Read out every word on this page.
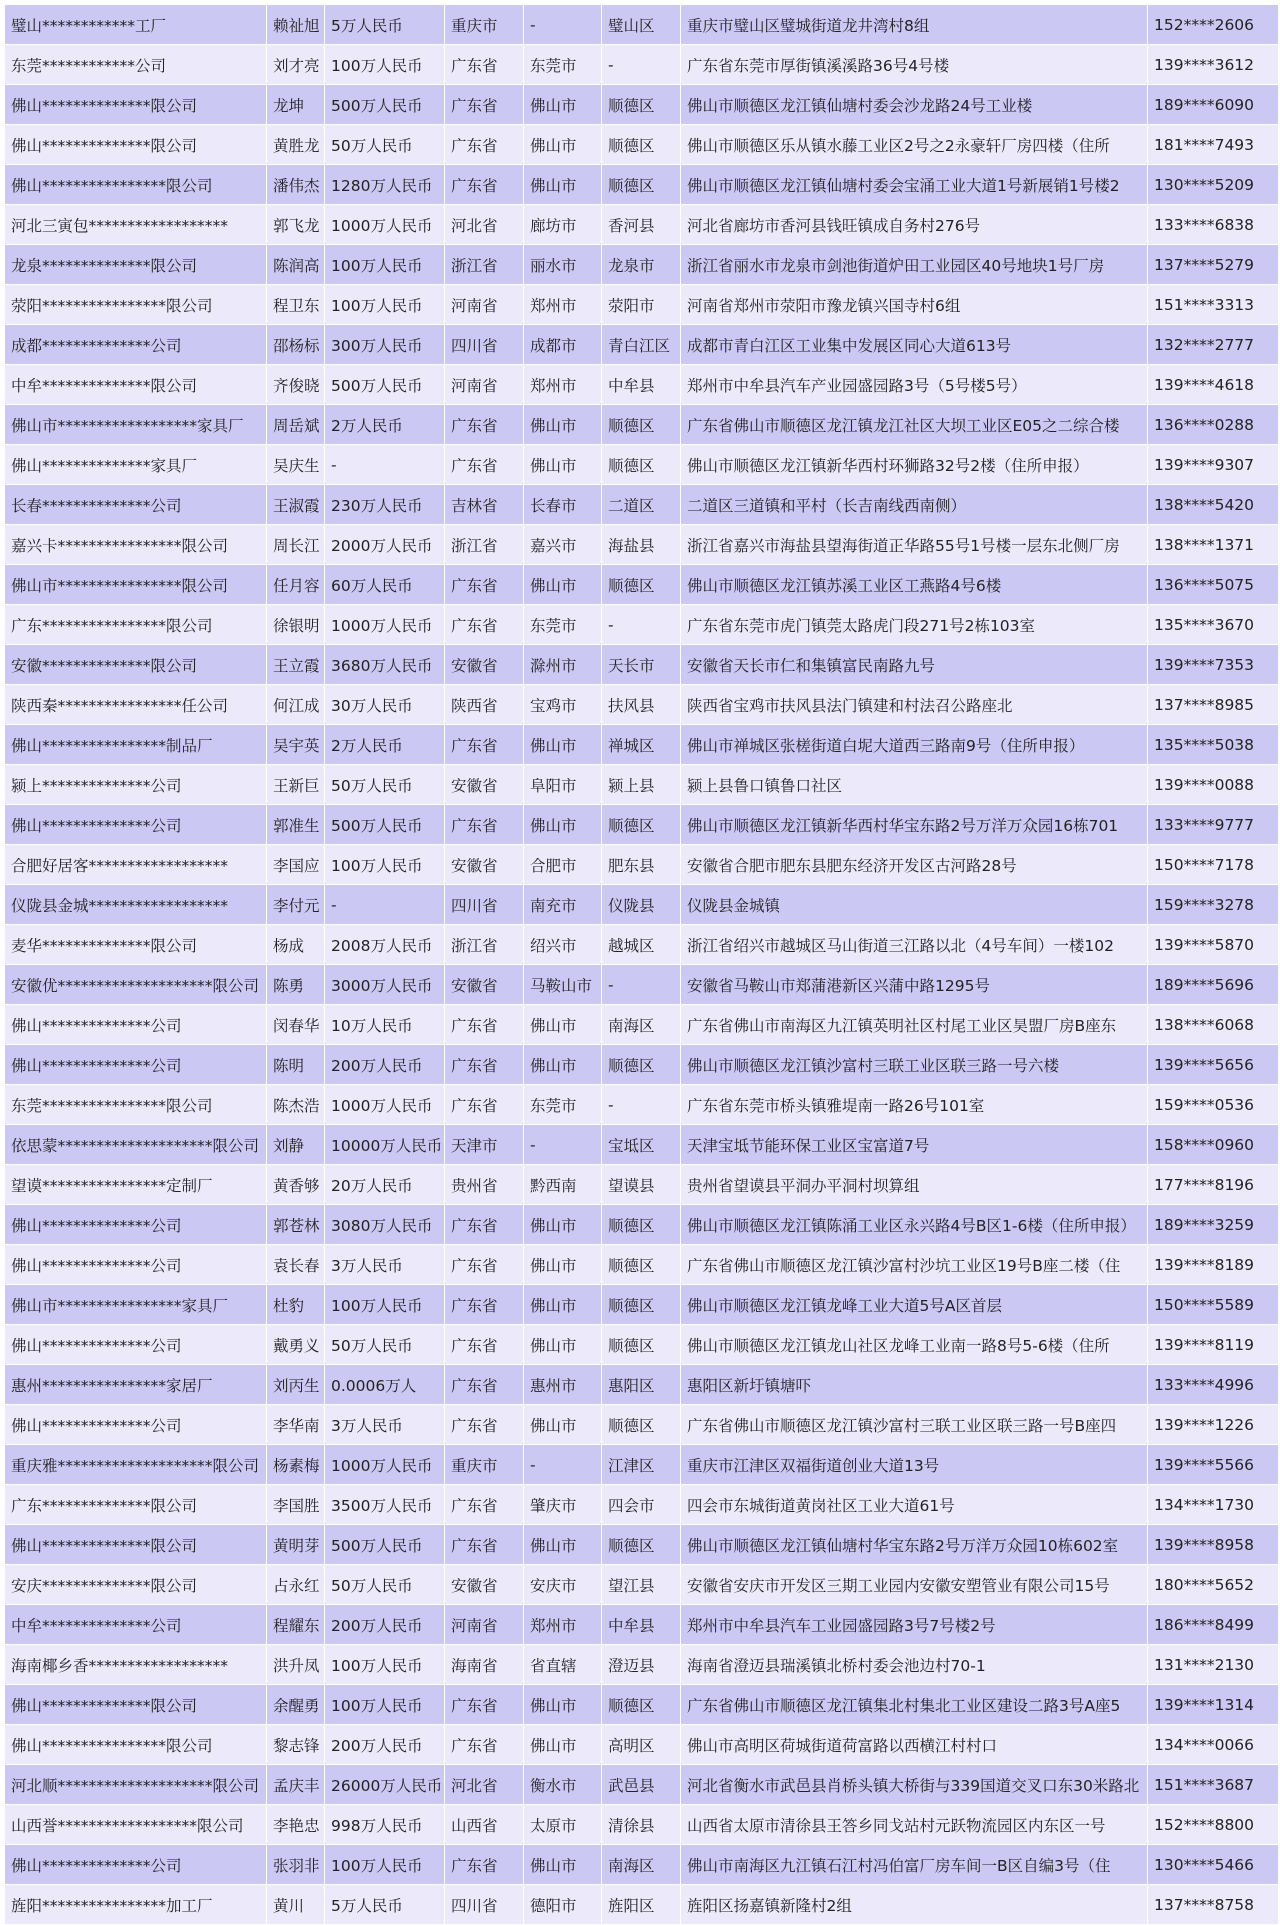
璧山************工厂	赖祉旭	5万人民币	重庆市	-	璧山区	重庆市璧山区璧城街道龙井湾村8组	152****2606
东莞************公司	刘才亮	100万人民币	广东省	东莞市	-	广东省东莞市厚街镇溪溪路36号4号楼	139****3612
佛山**************限公司	龙坤	500万人民币	广东省	佛山市	顺德区	佛山市顺德区龙江镇仙塘村委会沙龙路24号工业楼	189****6090
佛山**************限公司	黄胜龙	50万人民币	广东省	佛山市	顺德区	佛山市顺德区乐从镇水藤工业区2号之2永豪轩厂房四楼（住所	181****7493
佛山****************限公司	潘伟杰	1280万人民币	广东省	佛山市	顺德区	佛山市顺德区龙江镇仙塘村委会宝涌工业大道1号新展销1号楼2	130****5209
河北三寅包******************	郭飞龙	1000万人民币	河北省	廊坊市	香河县	河北省廊坊市香河县钱旺镇成自务村276号	133****6838
龙泉**************限公司	陈润高	100万人民币	浙江省	丽水市	龙泉市	浙江省丽水市龙泉市剑池街道炉田工业园区40号地块1号厂房	137****5279
荥阳****************限公司	程卫东	100万人民币	河南省	郑州市	荥阳市	河南省郑州市荥阳市豫龙镇兴国寺村6组	151****3313
成都**************公司	邵杨标	300万人民币	四川省	成都市	青白江区	成都市青白江区工业集中发展区同心大道613号	132****2777
中牟**************限公司	齐俊晓	500万人民币	河南省	郑州市	中牟县	郑州市中牟县汽车产业园盛园路3号（5号楼5号）	139****4618
佛山市******************家具厂	周岳斌	2万人民币	广东省	佛山市	顺德区	广东省佛山市顺德区龙江镇龙江社区大坝工业区E05之二综合楼	136****0288
佛山**************家具厂	吴庆生	-	广东省	佛山市	顺德区	佛山市顺德区龙江镇新华西村环狮路32号2楼（住所申报）	139****9307
长春**************公司	王淑霞	230万人民币	吉林省	长春市	二道区	二道区三道镇和平村（长吉南线西南侧）	138****5420
嘉兴卡****************限公司	周长江	2000万人民币	浙江省	嘉兴市	海盐县	浙江省嘉兴市海盐县望海街道正华路55号1号楼一层东北侧厂房	138****1371
佛山市****************限公司	任月容	60万人民币	广东省	佛山市	顺德区	佛山市顺德区龙江镇苏溪工业区工燕路4号6楼	136****5075
广东****************限公司	徐银明	1000万人民币	广东省	东莞市	-	广东省东莞市虎门镇莞太路虎门段271号2栋103室	135****3670
安徽**************限公司	王立霞	3680万人民币	安徽省	滁州市	天长市	安徽省天长市仁和集镇富民南路九号	139****7353
陕西秦****************任公司	何江成	30万人民币	陕西省	宝鸡市	扶风县	陕西省宝鸡市扶风县法门镇建和村法召公路座北	137****8985
佛山****************制品厂	吴宇英	2万人民币	广东省	佛山市	禅城区	佛山市禅城区张槎街道白坭大道西三路南9号（住所申报）	135****5038
颍上**************公司	王新巨	50万人民币	安徽省	阜阳市	颍上县	颍上县鲁口镇鲁口社区	139****0088
佛山**************公司	郭准生	500万人民币	广东省	佛山市	顺德区	佛山市顺德区龙江镇新华西村华宝东路2号万洋万众园16栋701	133****9777
合肥好居客******************	李国应	100万人民币	安徽省	合肥市	肥东县	安徽省合肥市肥东县肥东经济开发区古河路28号	150****7178
仪陇县金城******************	李付元	-	四川省	南充市	仪陇县	仪陇县金城镇	159****3278
麦华**************限公司	杨成	2008万人民币	浙江省	绍兴市	越城区	浙江省绍兴市越城区马山街道三江路以北（4号车间）一楼102	139****5870
安徽优********************限公司	陈勇	3000万人民币	安徽省	马鞍山市	-	安徽省马鞍山市郑蒲港新区兴蒲中路1295号	189****5696
佛山**************公司	闵春华	10万人民币	广东省	佛山市	南海区	广东省佛山市南海区九江镇英明社区村尾工业区昊盟厂房B座东	138****6068
佛山**************公司	陈明	200万人民币	广东省	佛山市	顺德区	佛山市顺德区龙江镇沙富村三联工业区联三路一号六楼	139****5656
东莞****************限公司	陈杰浩	1000万人民币	广东省	东莞市	-	广东省东莞市桥头镇雅堤南一路26号101室	159****0536
依思蒙********************限公司	刘静	10000万人民币	天津市	-	宝坻区	天津宝坻节能环保工业区宝富道7号	158****0960
望谟****************定制厂	黄香够	20万人民币	贵州省	黔西南	望谟县	贵州省望谟县平洞办平洞村坝算组	177****8196
佛山**************公司	郭苍林	3080万人民币	广东省	佛山市	顺德区	佛山市顺德区龙江镇陈涌工业区永兴路4号B区1-6楼（住所申报）	189****3259
佛山**************公司	袁长春	3万人民币	广东省	佛山市	顺德区	广东省佛山市顺德区龙江镇沙富村沙坑工业区19号B座二楼（住	139****8189
佛山市****************家具厂	杜豹	100万人民币	广东省	佛山市	顺德区	佛山市顺德区龙江镇龙峰工业大道5号A区首层	150****5589
佛山**************公司	戴勇义	50万人民币	广东省	佛山市	顺德区	佛山市顺德区龙江镇龙山社区龙峰工业南一路8号5-6楼（住所	139****8119
惠州****************家居厂	刘丙生	0.0006万人	广东省	惠州市	惠阳区	惠阳区新圩镇塘吓	133****4996
佛山**************公司	李华南	3万人民币	广东省	佛山市	顺德区	广东省佛山市顺德区龙江镇沙富村三联工业区联三路一号B座四	139****1226
重庆雅********************限公司	杨素梅	1000万人民币	重庆市	-	江津区	重庆市江津区双福街道创业大道13号	139****5566
广东**************限公司	李国胜	3500万人民币	广东省	肇庆市	四会市	四会市东城街道黄岗社区工业大道61号	134****1730
佛山**************限公司	黄明芽	500万人民币	广东省	佛山市	顺德区	佛山市顺德区龙江镇仙塘村华宝东路2号万洋万众园10栋602室	139****8958
安庆**************限公司	占永红	50万人民币	安徽省	安庆市	望江县	安徽省安庆市开发区三期工业园内安徽安塑管业有限公司15号	180****5652
中牟**************公司	程耀东	200万人民币	河南省	郑州市	中牟县	郑州市中牟县汽车工业园盛园路3号7号楼2号	186****8499
海南椰乡香******************	洪升凤	100万人民币	海南省	省直辖	澄迈县	海南省澄迈县瑞溪镇北桥村委会池边村70-1	131****2130
佛山**************限公司	余醒勇	100万人民币	广东省	佛山市	顺德区	广东省佛山市顺德区龙江镇集北村集北工业区建设二路3号A座5	139****1314
佛山****************限公司	黎志锋	200万人民币	广东省	佛山市	高明区	佛山市高明区荷城街道荷富路以西横江村村口	134****0066
河北顺********************限公司	孟庆丰	26000万人民币	河北省	衡水市	武邑县	河北省衡水市武邑县肖桥头镇大桥街与339国道交叉口东30米路北	151****3687
山西誉******************限公司	李艳忠	998万人民币	山西省	太原市	清徐县	山西省太原市清徐县王答乡同戈站村元跃物流园区内东区一号	152****8800
佛山**************公司	张羽非	100万人民币	广东省	佛山市	南海区	佛山市南海区九江镇石江村冯伯富厂房车间一B区自编3号（住	130****5466
旌阳****************加工厂	黄川	5万人民币	四川省	德阳市	旌阳区	旌阳区扬嘉镇新隆村2组	137****8758
